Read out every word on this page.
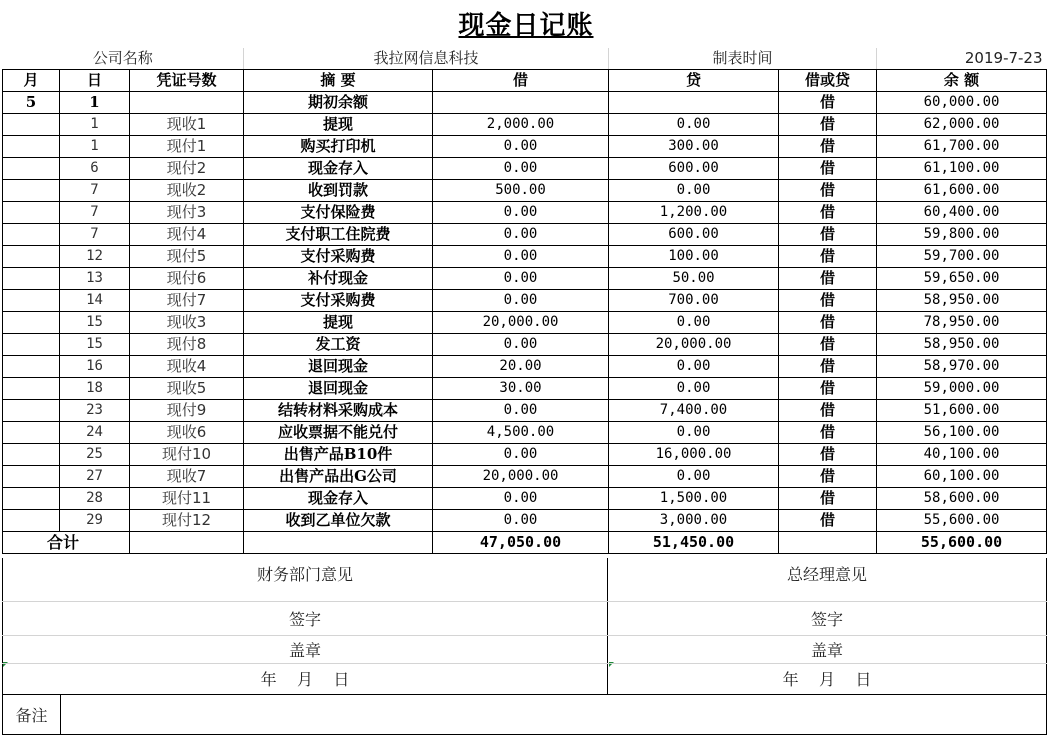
现金日记账
公司名称			我拉网信息科技		制表时间		2019-7-23
月	日	凭证号数	摘 要	借	贷	借或贷	余 额
5	1		期初余额			借	60,000.00
	1	现收1	提现	2,000.00	0.00	借	62,000.00
	1	现付1	购买打印机	0.00	300.00	借	61,700.00
	6	现付2	现金存入	0.00	600.00	借	61,100.00
	7	现收2	收到罚款	500.00	0.00	借	61,600.00
	7	现付3	支付保险费	0.00	1,200.00	借	60,400.00
	7	现付4	支付职工住院费	0.00	600.00	借	59,800.00
	12	现付5	支付采购费	0.00	100.00	借	59,700.00
	13	现付6	补付现金	0.00	50.00	借	59,650.00
	14	现付7	支付采购费	0.00	700.00	借	58,950.00
	15	现收3	提现	20,000.00	0.00	借	78,950.00
	15	现付8	发工资	0.00	20,000.00	借	58,950.00
	16	现收4	退回现金	20.00	0.00	借	58,970.00
	18	现收5	退回现金	30.00	0.00	借	59,000.00
	23	现付9	结转材料采购成本	0.00	7,400.00	借	51,600.00
	24	现收6	应收票据不能兑付	4,500.00	0.00	借	56,100.00
	25	现付10	出售产品B10件	0.00	16,000.00	借	40,100.00
	27	现收7	出售产品出G公司	20,000.00	0.00	借	60,100.00
	28	现付11	现金存入	0.00	1,500.00	借	58,600.00
	29	现付12	收到乙单位欠款	0.00	3,000.00	借	55,600.00
合计				47,050.00	51,450.00		55,600.00
财务部门意见		总经理意见
签字		签字
盖章		盖章
年    月    日		年    月    日
备注		
